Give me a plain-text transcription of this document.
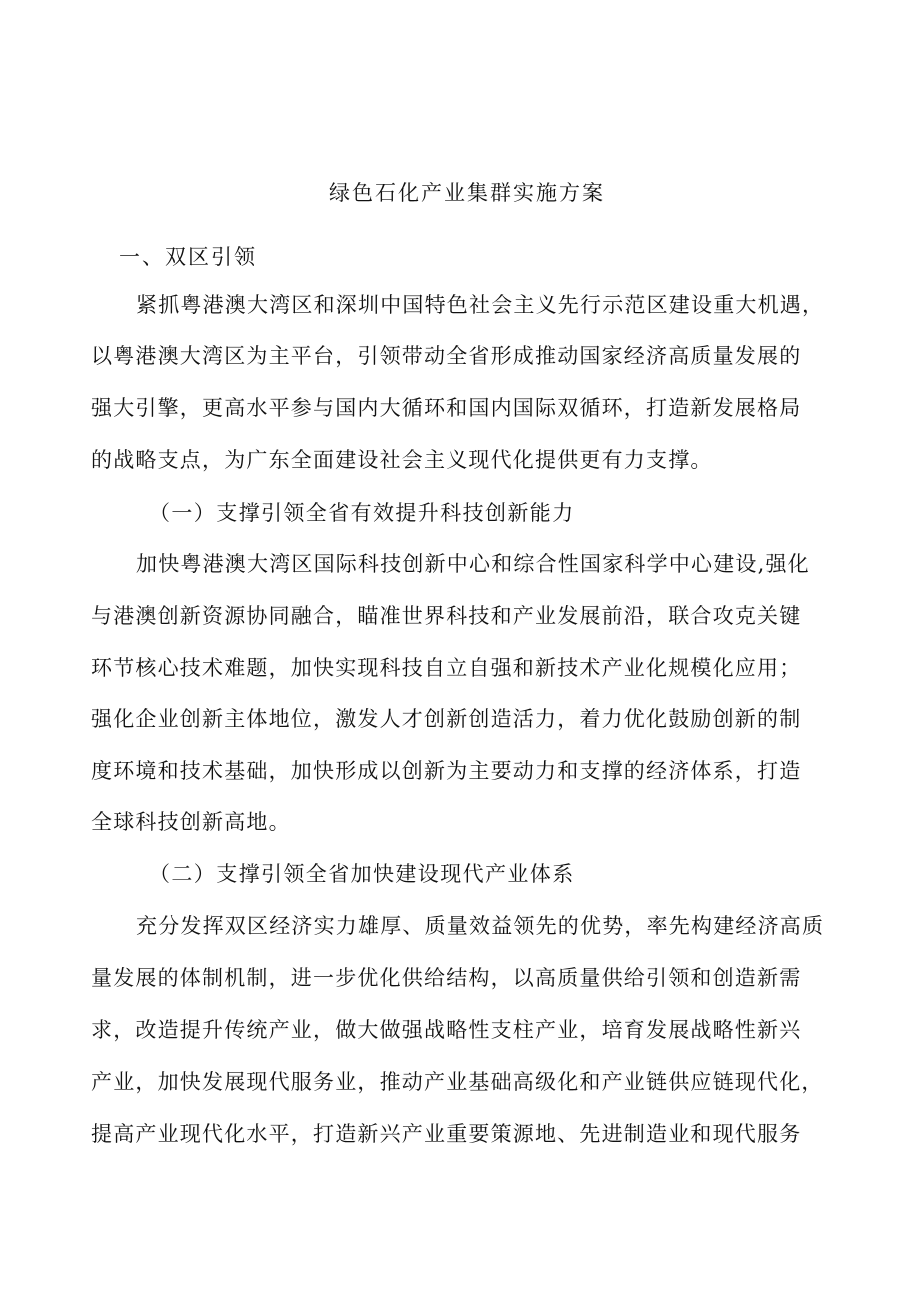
绿色石化产业集群实施方案
一、双区引领
紧抓粤港澳大湾区和深圳中国特色社会主义先行示范区建设重大机遇，
以粤港澳大湾区为主平台，引领带动全省形成推动国家经济高质量发展的
强大引擎，更高水平参与国内大循环和国内国际双循环，打造新发展格局
的战略支点，为广东全面建设社会主义现代化提供更有力支撑。
（一）支撑引领全省有效提升科技创新能力
加快粤港澳大湾区国际科技创新中心和综合性国家科学中心建设,强化
与港澳创新资源协同融合，瞄准世界科技和产业发展前沿，联合攻克关键
环节核心技术难题，加快实现科技自立自强和新技术产业化规模化应用；
强化企业创新主体地位，激发人才创新创造活力，着力优化鼓励创新的制
度环境和技术基础，加快形成以创新为主要动力和支撑的经济体系，打造
全球科技创新高地。
（二）支撑引领全省加快建设现代产业体系
充分发挥双区经济实力雄厚、质量效益领先的优势，率先构建经济高质
量发展的体制机制，进一步优化供给结构，以高质量供给引领和创造新需
求，改造提升传统产业，做大做强战略性支柱产业，培育发展战略性新兴
产业，加快发展现代服务业，推动产业基础高级化和产业链供应链现代化，
提高产业现代化水平，打造新兴产业重要策源地、先进制造业和现代服务
